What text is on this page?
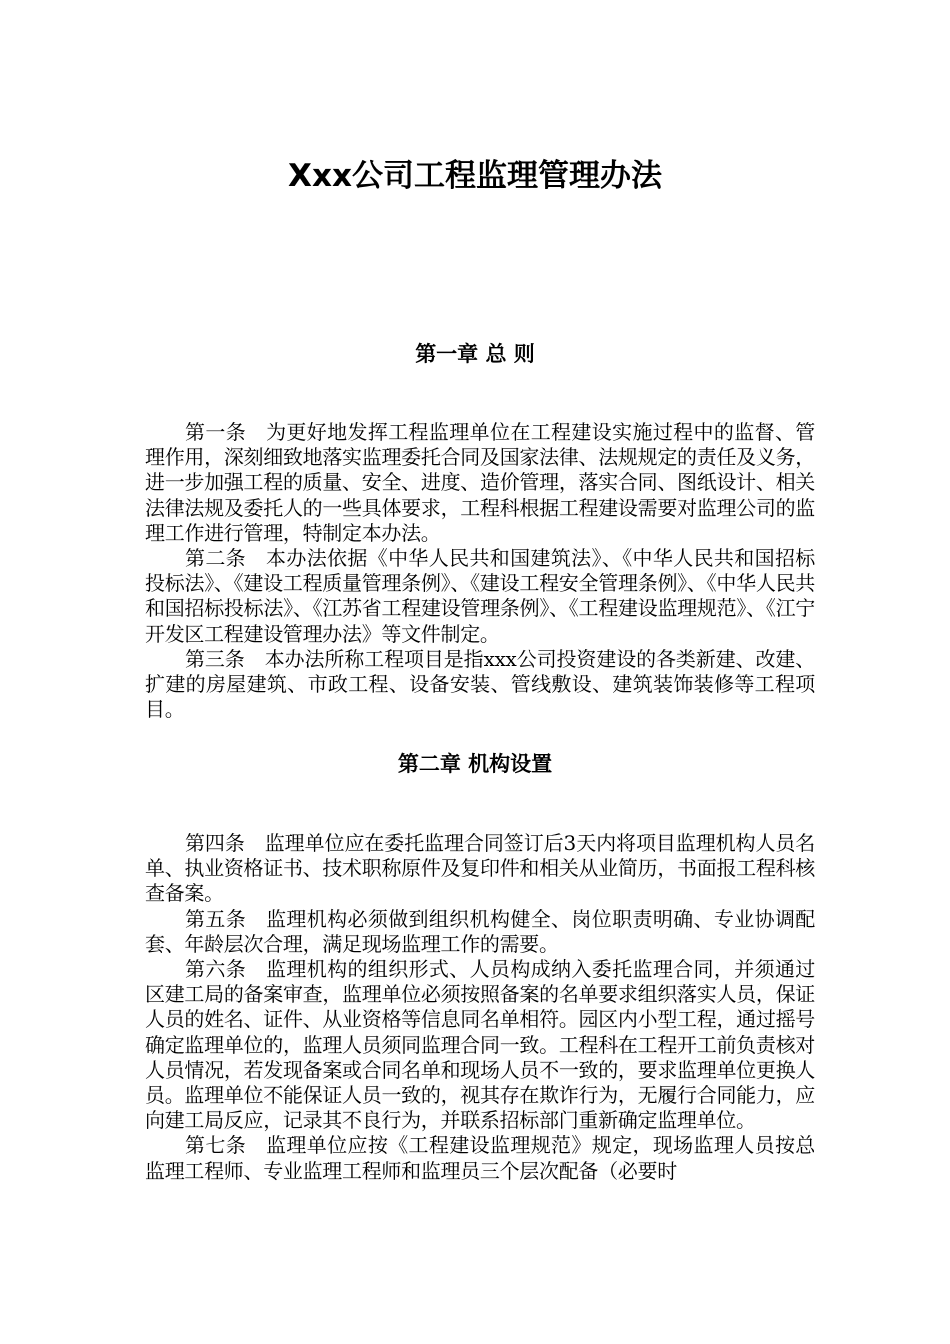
Xxx公司工程监理管理办法
第一章 总 则

第一条 为更好地发挥工程监理单位在工程建设实施过程中的监督、管理作用，深刻细致地落实监理委托合同及国家法律、法规规定的责任及义务，进一步加强工程的质量、安全、进度、造价管理，落实合同、图纸设计、相关法律法规及委托人的一些具体要求，工程科根据工程建设需要对监理公司的监理工作进行管理，特制定本办法。

第二条 本办法依据《中华人民共和国建筑法》、《中华人民共和国招标投标法》、《建设工程质量管理条例》、《建设工程安全管理条例》、《中华人民共和国招标投标法》、《江苏省工程建设管理条例》、《工程建设监理规范》、《江宁开发区工程建设管理办法》等文件制定。

第三条 本办法所称工程项目是指xxx公司投资建设的各类新建、改建、扩建的房屋建筑、市政工程、设备安装、管线敷设、建筑装饰装修等工程项目。

第二章 机构设置

第四条 监理单位应在委托监理合同签订后3天内将项目监理机构人员名单、执业资格证书、技术职称原件及复印件和相关从业简历，书面报工程科核查备案。

第五条 监理机构必须做到组织机构健全、岗位职责明确、专业协调配套、年龄层次合理，满足现场监理工作的需要。

第六条 监理机构的组织形式、人员构成纳入委托监理合同，并须通过区建工局的备案审查，监理单位必须按照备案的名单要求组织落实人员，保证人员的姓名、证件、从业资格等信息同名单相符。园区内小型工程，通过摇号确定监理单位的，监理人员须同监理合同一致。工程科在工程开工前负责核对人员情况，若发现备案或合同名单和现场人员不一致的，要求监理单位更换人员。监理单位不能保证人员一致的，视其存在欺诈行为，无履行合同能力，应向建工局反应，记录其不良行为，并联系招标部门重新确定监理单位。

第七条 监理单位应按《工程建设监理规范》规定，现场监理人员按总监理工程师、专业监理工程师和监理员三个层次配备（必要时
